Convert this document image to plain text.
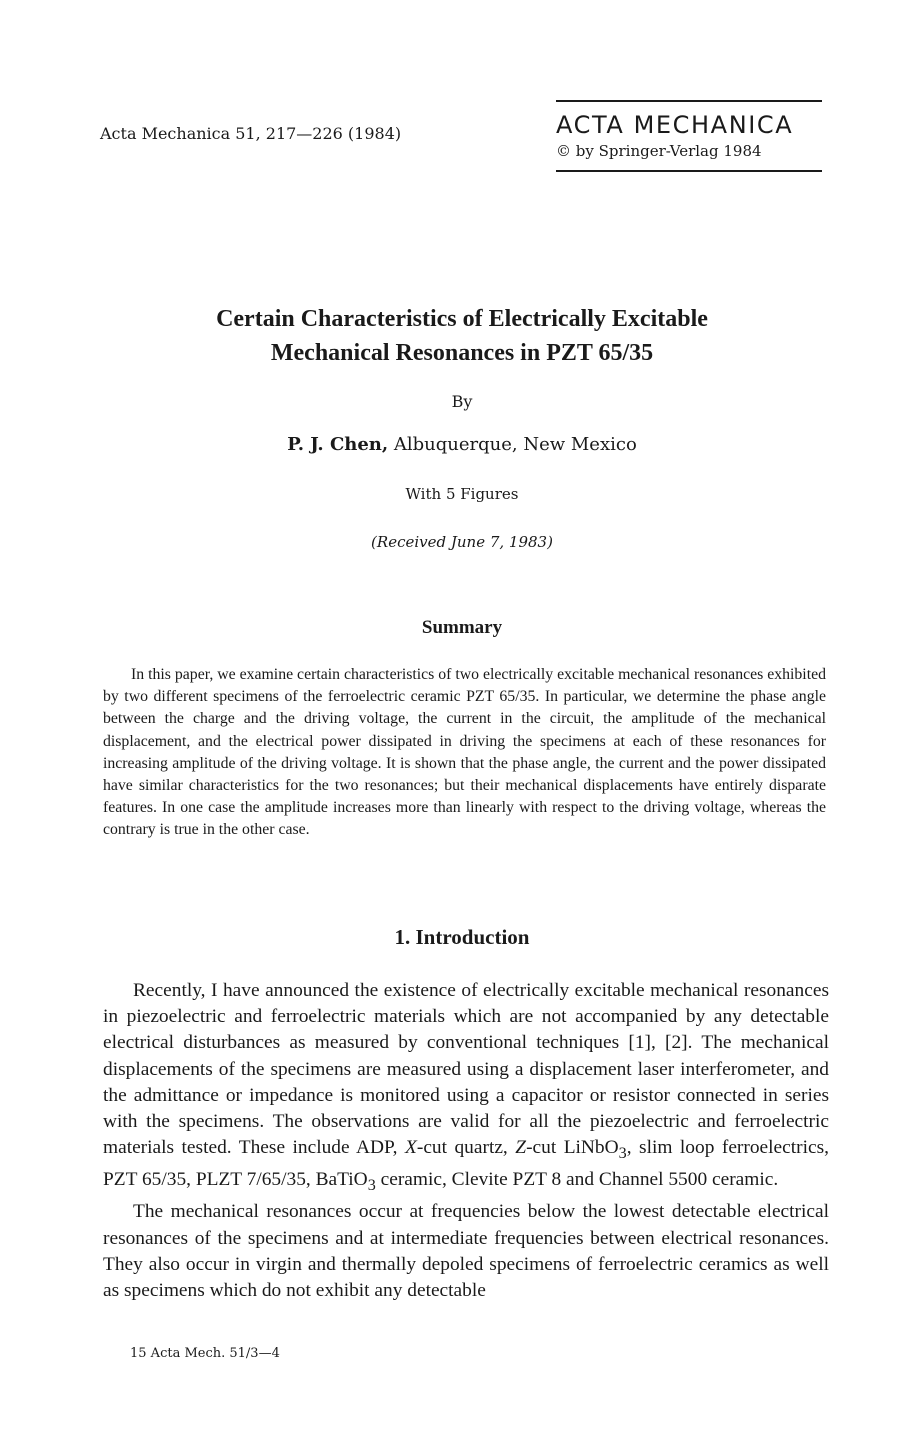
Acta Mechanica 51, 217—226 (1984)	ACTA MECHANICA
© by Springer-Verlag 1984
Certain Characteristics of Electrically Excitable
Mechanical Resonances in PZT 65/35
By
P. J. Chen, Albuquerque, New Mexico
With 5 Figures
(Received June 7, 1983)
Summary

In this paper, we examine certain characteristics of two electrically excitable mechanical resonances exhibited by two different specimens of the ferroelectric ceramic PZT 65/35. In particular, we determine the phase angle between the charge and the driving voltage, the current in the circuit, the amplitude of the mechanical displacement, and the electrical power dissipated in driving the specimens at each of these resonances for increasing amplitude of the driving voltage. It is shown that the phase angle, the current and the power dissipated have similar characteristics for the two resonances; but their mechanical displacements have entirely disparate features. In one case the amplitude increases more than linearly with respect to the driving voltage, whereas the contrary is true in the other case.

1. Introduction

Recently, I have announced the existence of electrically excitable mechanical resonances in piezoelectric and ferroelectric materials which are not accompanied by any detectable electrical disturbances as measured by conventional techniques [1], [2]. The mechanical displacements of the specimens are measured using a displacement laser interferometer, and the admittance or impedance is monitored using a capacitor or resistor connected in series with the specimens. The observations are valid for all the piezoelectric and ferroelectric materials tested. These include ADP, X-cut quartz, Z-cut LiNbO$_3$, slim loop ferroelectrics, PZT 65/35, PLZT 7/65/35, BaTiO$_3$ ceramic, Clevite PZT 8 and Channel 5500 ceramic.

The mechanical resonances occur at frequencies below the lowest detectable electrical resonances of the specimens and at intermediate frequencies between electrical resonances. They also occur in virgin and thermally depoled specimens of ferroelectric ceramics as well as specimens which do not exhibit any detectable

15 Acta Mech. 51/3—4
